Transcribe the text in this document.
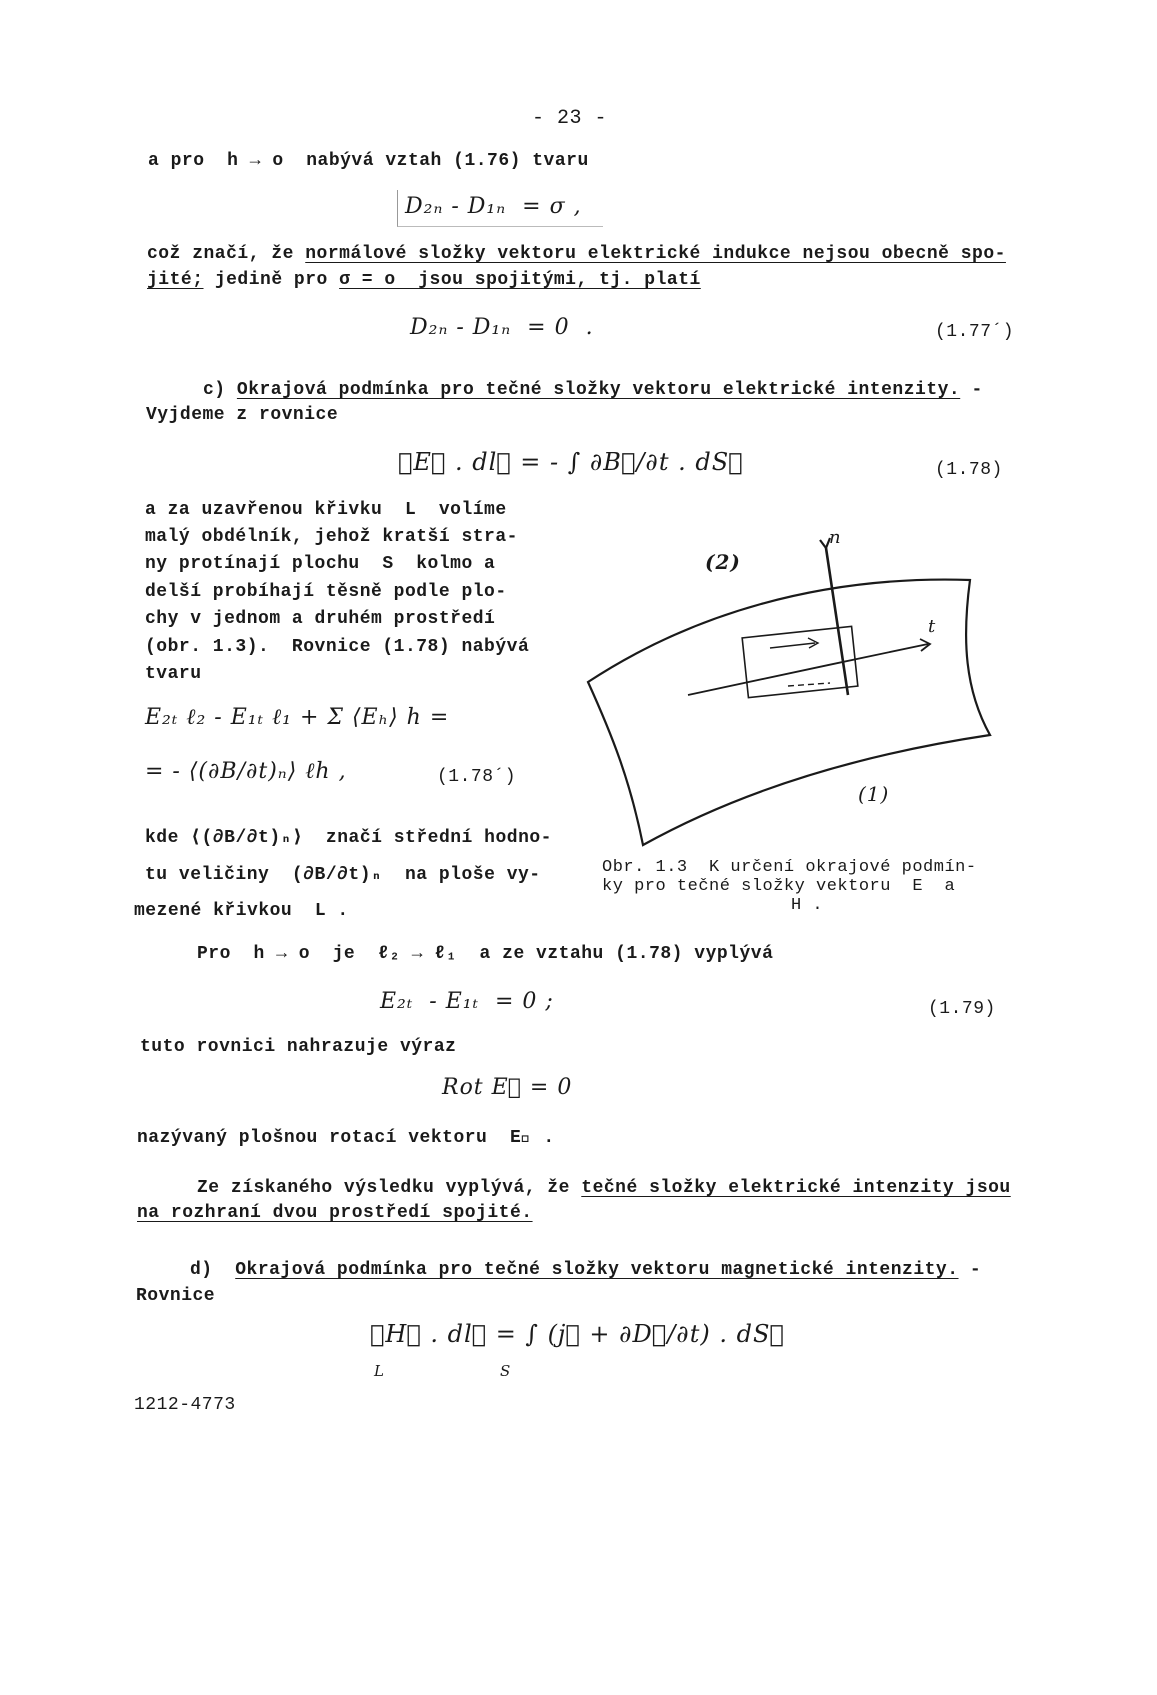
- 23 -
a pro  h → o  nabývá vztah (1.76) tvaru
D₂ₙ - D₁ₙ  = σ ,
což značí, že normálové složky vektoru elektrické indukce nejsou obecně spo-
jité; jedině pro σ = o  jsou spojitými, tj. platí
D₂ₙ - D₁ₙ  = 0  .	(1.77´)
c) Okrajová podmínka pro tečné složky vektoru elektrické intenzity. -
Vyjdeme z rovnice
∮E⃗ . dl⃗ = - ∫ ∂B⃗/∂t . dS⃗	(1.78)
a za uzavřenou křivku  L  volíme
malý obdélník, jehož kratší stra-
ny protínají plochu  S  kolmo a
delší probíhají těsně podle plo-
chy v jednom a druhém prostředí
(obr. 1.3).  Rovnice (1.78) nabývá
tvaru
E₂ₜ ℓ₂ - E₁ₜ ℓ₁ + Σ ⟨Eₕ⟩ h =
= - ⟨(∂B/∂t)ₙ⟩ ℓh ,	(1.78´)
kde ⟨(∂B/∂t)ₙ⟩  značí střední hodno-
tu veličiny  (∂B/∂t)ₙ  na ploše vy-
mezené křivkou  L .
(2)
n
t
(1)
Obr. 1.3  K určení okrajové podmín-
ky pro tečné složky vektoru  E  a
H .
Pro  h → o  je  ℓ₂ → ℓ₁  a ze vztahu (1.78) vyplývá
E₂ₜ  - E₁ₜ  = 0 ;	(1.79)
tuto rovnici nahrazuje výraz
Rot E⃗ = 0
nazývaný plošnou rotací vektoru  E⃗ .
Ze získaného výsledku vyplývá, že tečné složky elektrické intenzity jsou
na rozhraní dvou prostředí spojité.
d)  Okrajová podmínka pro tečné složky vektoru magnetické intenzity. -
Rovnice
∮H⃗ . dl⃗ = ∫ (j⃗ + ∂D⃗/∂t) . dS⃗
L	S
1212-4773
